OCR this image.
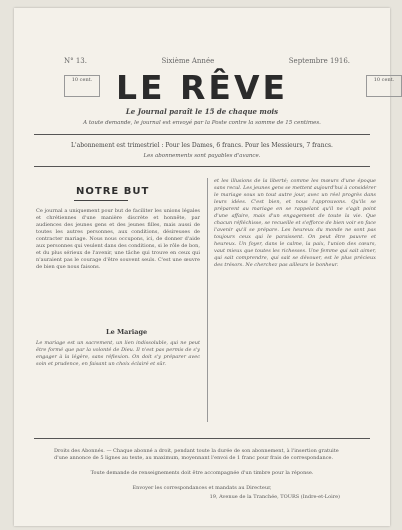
N° 13.	Sixième Année	Septembre 1916.
10 cent.	10 cent.
LE RÊVE
Le Journal paraît le 15 de chaque mois
A toute demande, le journal est envoyé par la Poste contre la somme de 15 centimes.
L'abonnement est trimestriel : Pour les Dames, 6 francs. Pour les Messieurs, 7 francs.
Les abonnements sont payables d'avance.
NOTRE BUT
Ce journal a uniquement pour but de faciliter les unions légales et chrétiennes d'une manière discrète et honnête, par audiences des jeunes gens et des jeunes filles, mais aussi de toutes les autres personnes, aux conditions, désireuses de contracter mariage. Nous nous occupons, ici, de donner d'aide aux personnes qui veulent dans des conditions, si le rôle de bon, et du plus sérieux de l'avenir, une tâche qui trouve en ceux qui n'auraient pas le courage d'être souvent seuls. C'est une œuvre de bien que nous faisons.
Le Mariage
Le mariage est un sacrement, un lien indissoluble, qui ne peut être formé que par la volonté de Dieu. Il n'est pas permis de s'y engager à la légère, sans réflexion. On doit s'y préparer avec soin et prudence, en faisant un choix éclairé et sûr.
et les illusions de la liberté; comme les mœurs d'une époque sans recul. Les jeunes gens se mettent aujourd'hui à considérer le mariage sous un tout autre jour, avec un réel progrès dans leurs idées. C'est bien, et nous l'approuvons. Qu'ils se préparent au mariage en se rappelant qu'il ne s'agit point d'une affaire, mais d'un engagement de toute la vie. Que chacun réfléchisse, se recueille et s'efforce de bien voir en face l'avenir qu'il se prépare. Les heureux du monde ne sont pas toujours ceux qui le paraissent. On peut être pauvre et heureux. Un foyer, dans le calme, la paix, l'union des cœurs, vaut mieux que toutes les richesses. Une femme qui sait aimer, qui sait comprendre, qui sait se dévouer, est le plus précieux des trésors. Ne cherchez pas ailleurs le bonheur.
Droits des Abonnés. — Chaque abonné a droit, pendant toute la durée de son abonnement, à l'insertion gratuite d'une annonce de 5 lignes au texte, au maximum, moyennant l'envoi de 1 franc pour frais de correspondance.
Toute demande de renseignements doit être accompagnée d'un timbre pour la réponse.
Envoyer les correspondances et mandats au Directeur,
19, Avenue de la Tranchée, TOURS (Indre-et-Loire)
